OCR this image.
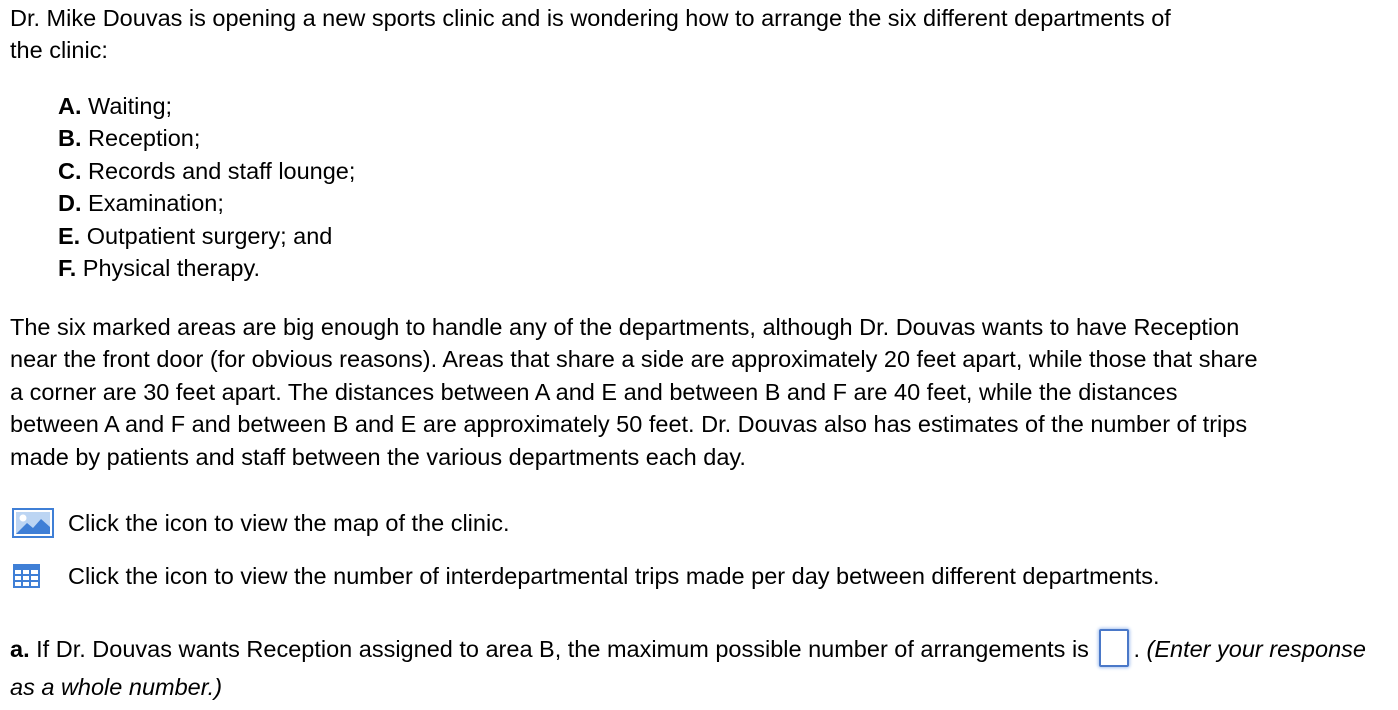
Dr. Mike Douvas is opening a new sports clinic and is wondering how to arrange the six different departments of
the clinic:
A. Waiting;
B. Reception;
C. Records and staff lounge;
D. Examination;
E. Outpatient surgery; and
F. Physical therapy.
The six marked areas are big enough to handle any of the departments, although Dr. Douvas wants to have Reception
near the front door (for obvious reasons). Areas that share a side are approximately 20 feet apart, while those that share
a corner are 30 feet apart. The distances between A and E and between B and F are 40 feet, while the distances
between A and F and between B and E are approximately 50 feet. Dr. Douvas also has estimates of the number of trips
made by patients and staff between the various departments each day.
Click the icon to view the map of the clinic.
Click the icon to view the number of interdepartmental trips made per day between different departments.

a. If Dr. Douvas wants Reception assigned to area B, the maximum possible number of arrangements is . (Enter your response as a whole number.)
